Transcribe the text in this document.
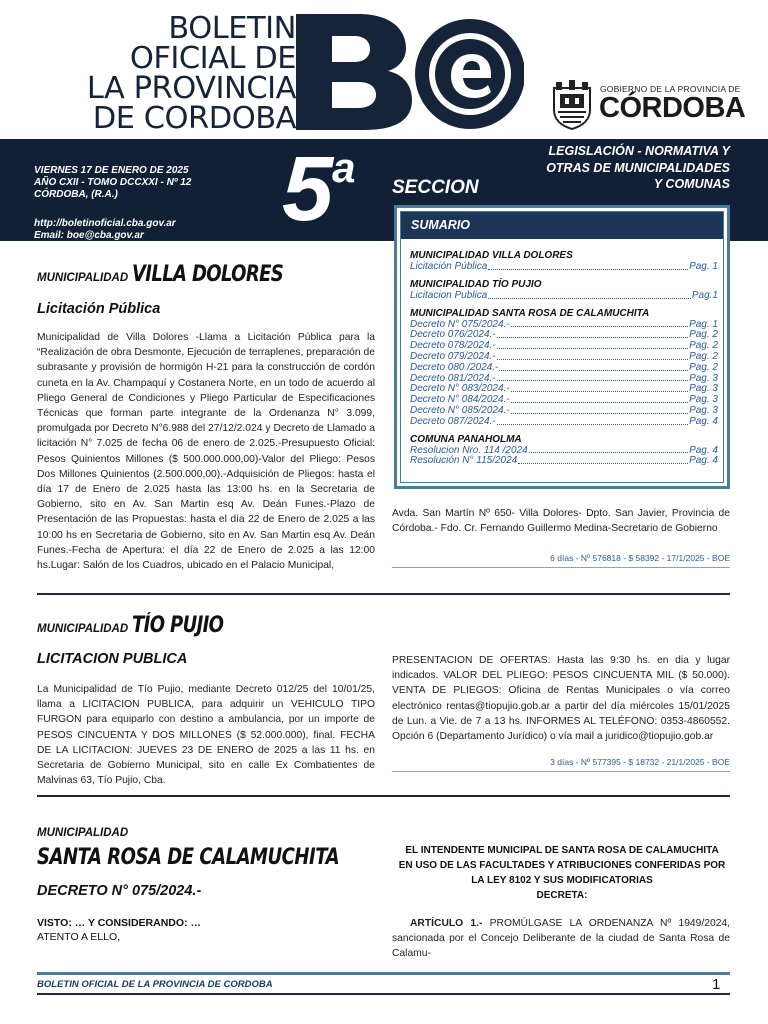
BOLETIN
OFICIAL DE
LA PROVINCIA
DE CORDOBA
GOBIERNO DE LA PROVINCIA DE
CÓRDOBA
VIERNES 17 DE ENERO DE 2025
AÑO CXII - TOMO DCCXXI - Nº 12
CÓRDOBA, (R.A.)
http://boletinoficial.cba.gov.ar
Email: boe@cba.gov.ar	5$^a$ SECCION
LEGISLACIÓN - NORMATIVA Y
OTRAS DE MUNICIPALIDADES
Y COMUNAS
SUMARIO
MUNICIPALIDAD VILLA DOLORES
Licitación Pública	Pag. 1
MUNICIPALIDAD TÍO PUJIO
Licitacion Publica	Pag.1
MUNICIPALIDAD SANTA ROSA DE CALAMUCHITA
Decreto N° 075/2024.-	Pag. 1
Decreto 076/2024.-	Pag. 2
Decreto 078/2024.-	Pag. 2
Decreto 079/2024.-	Pag. 2
Decreto 080 /2024.-	Pag. 2
Decreto 081/2024.-	Pag. 3
Decreto N° 083/2024.-	Pag. 3
Decreto N° 084/2024.-	Pag. 3
Decreto N° 085/2024.-	Pag. 3
Decreto 087/2024.-	Pag. 4
COMUNA PANAHOLMA
Resolucion Nro. 114 /2024	Pag. 4
Resolución N° 115/2024	Pag. 4
MUNICIPALIDAD VILLA DOLORES
Licitación Pública
Municipalidad de Villa Dolores -Llama a Licitación Pública para la “Realización de obra Desmonte, Ejecución de terraplenes, preparación de subrasante y provisión de hormigón H-21 para la construcción de cordón cuneta en la Av. Champaquí y Costanera Norte, en un todo de acuerdo al Pliego General de Condiciones y Pliego Particular de Especificaciones Técnicas que forman parte integrante de la Ordenanza N° 3.099, promulgada por Decreto N°6.988 del 27/12/2.024 y Decreto de Llamado a licitación N° 7.025 de fecha 06 de enero de 2.025.-Presupuesto Oficial: Pesos Quinientos Millones ($ 500.000.000,00)-Valor del Pliego: Pesos Dos Millones Quinientos (2.500.000,00).-Adquisición de Pliegos: hasta el día 17 de Enero de 2.025 hasta las 13:00 hs. en la Secretaria de Gobierno, sito en Av. San Martin esq Av. Deán Funes.-Plazo de Presentación de las Propuestas: hasta el día 22 de Enero de 2.025 a las 10:00 hs en Secretaria de Gobierno, sito en Av. San Martin esq Av. Deán Funes.-Fecha de Apertura: el día 22 de Enero de 2.025 a las 12:00 hs.Lugar: Salón de los Cuadros, ubicado en el Palacio Municipal,
Avda. San Martín Nº 650- Villa Dolores- Dpto. San Javier, Provincia de Córdoba.- Fdo. Cr. Fernando Guillermo Medina-Secretario de Gobierno
6 días - Nº 576818 - $ 58392 - 17/1/2025 - BOE
MUNICIPALIDAD TÍO PUJIO
LICITACION PUBLICA
La Municipalidad de Tío Pujio, mediante Decreto 012/25 del 10/01/25, llama a LICITACION PUBLICA, para adquirir un VEHICULO TIPO FURGON para equiparlo con destino a ambulancia, por un importe de PESOS CINCUENTA Y DOS MILLONES ($ 52.000.000), final. FECHA DE LA LICITACION: JUEVES 23 DE ENERO de 2025 a las 11 hs. en Secretaria de Gobierno Municipal, sito en calle Ex Combatientes de Malvinas 63, Tío Pujio, Cba.
PRESENTACION DE OFERTAS: Hasta las 9:30 hs. en dia y lugar indicados. VALOR DEL PLIEGO: PESOS CINCUENTA MIL ($ 50.000). VENTA DE PLIEGOS: Oficina de Rentas Municipales o vía correo electrónico rentas@tiopujio.gob.ar a partir del día miércoles 15/01/2025 de Lun. a Vie. de 7 a 13 hs. INFORMES AL TELÉFONO: 0353-4860552. Opción 6 (Departamento Jurídico) o vía mail a juridico@tiopujio.gob.ar
3 días - Nº 577395 - $ 18732 - 21/1/2025 - BOE
MUNICIPALIDAD
SANTA ROSA DE CALAMUCHITA
DECRETO N° 075/2024.-
VISTO: … Y CONSIDERANDO: …
ATENTO A ELLO,
EL INTENDENTE MUNICIPAL DE SANTA ROSA DE CALAMUCHITA
EN USO DE LAS FACULTADES Y ATRIBUCIONES CONFERIDAS POR
LA LEY 8102 Y SUS MODIFICATORIAS
DECRETA:
ARTÍCULO 1.- PROMÚLGASE LA ORDENANZA Nº 1949/2024, sancionada por el Concejo Deliberante de la ciudad de Santa Rosa de Calamu-
BOLETIN OFICIAL DE LA PROVINCIA DE CORDOBA	1
